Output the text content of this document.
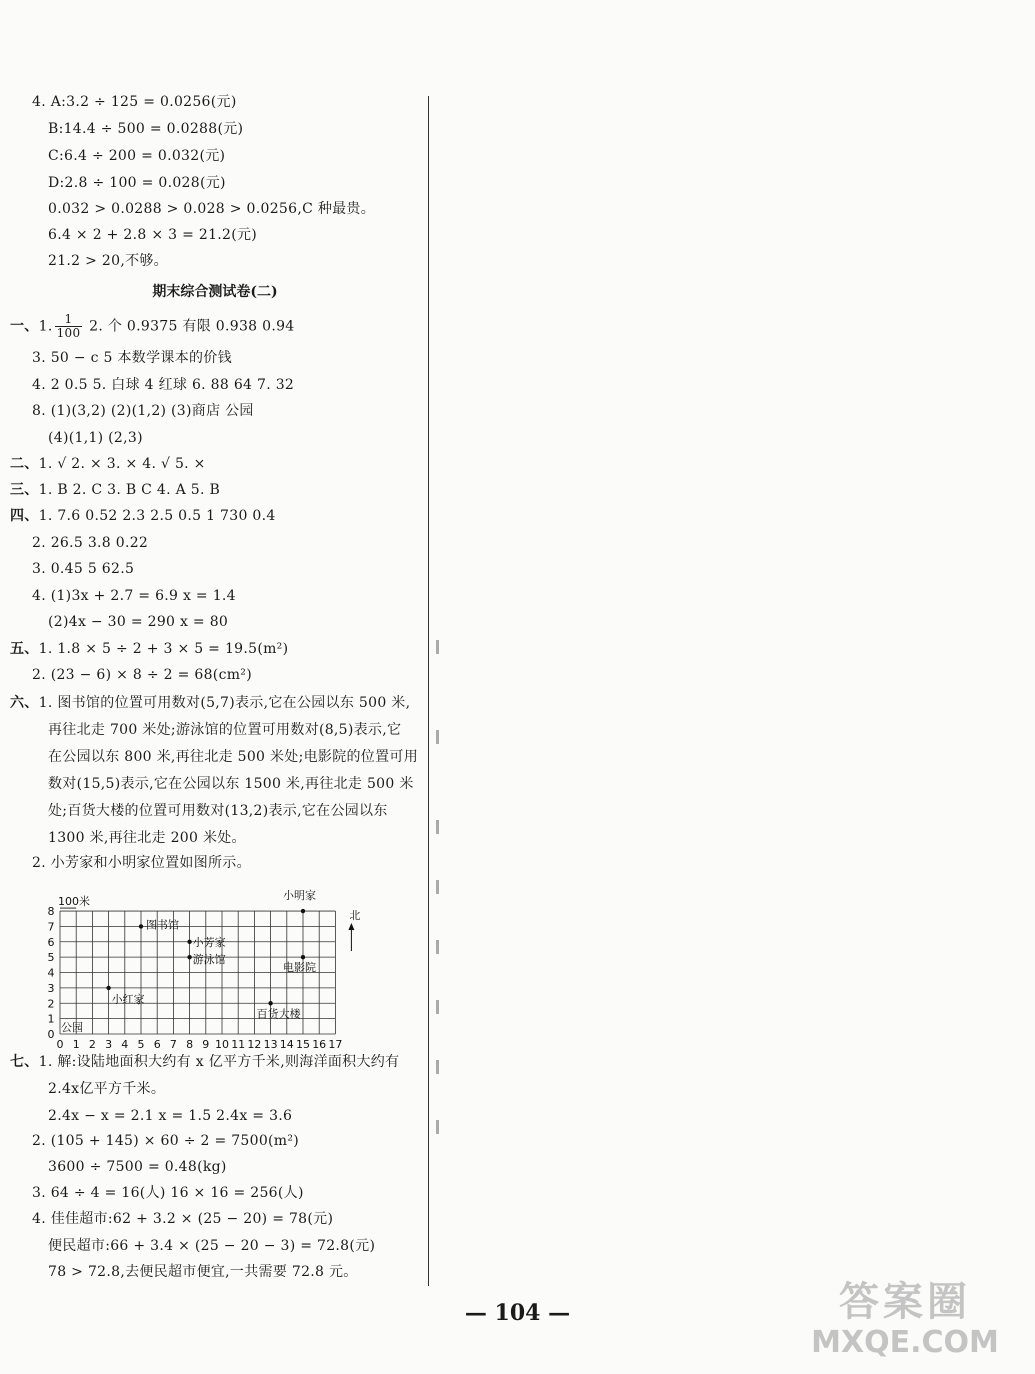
4. A:3.2 ÷ 125 = 0.0256(元)
B:14.4 ÷ 500 = 0.0288(元)
C:6.4 ÷ 200 = 0.032(元)
D:2.8 ÷ 100 = 0.028(元)
0.032 > 0.0288 > 0.028 > 0.0256,C 种最贵。
6.4 × 2 + 2.8 × 3 = 21.2(元)
21.2 > 20,不够。
期末综合测试卷(二)
一、1. $\frac{1}{100} 2$. 个 0.9375 有限 0.938 0.94
3. 50 − c 5 本数学课本的价钱
4. 2 0.5 5. 白球 4 红球 6. 88 64 7. 32
8. (1)(3,2) (2)(1,2) (3)商店 公园
(4)(1,1) (2,3)
二、1. √ 2. × 3. × 4. √ 5. ×
三、1. B 2. C 3. B C 4. A 5. B
四、1. 7.6 0.52 2.3 2.5 0.5 1 730 0.4
2. 26.5 3.8 0.22
3. 0.45 5 62.5
4. (1)3x + 2.7 = 6.9 x = 1.4
(2)4x − 30 = 290 x = 80
五、1. 1.8 × 5 ÷ 2 + 3 × 5 = 19.5(m²)
2. (23 − 6) × 8 ÷ 2 = 68(cm²)
六、1. 图书馆的位置可用数对(5,7)表示,它在公园以东 500 米,
再往北走 700 米处;游泳馆的位置可用数对(8,5)表示,它
在公园以东 800 米,再往北走 500 米处;电影院的位置可用
数对(15,5)表示,它在公园以东 1500 米,再往北走 500 米
处;百货大楼的位置可用数对(13,2)表示,它在公园以东
1300 米,再往北走 200 米处。
2. 小芳家和小明家位置如图所示。
七、1. 解:设陆地面积大约有 x 亿平方千米,则海洋面积大约有
2.4x亿平方千米。
2.4x − x = 2.1 x = 1.5 2.4x = 3.6
2. (105 + 145) × 60 ÷ 2 = 7500(m²)
3600 ÷ 7500 = 0.48(kg)
3. 64 ÷ 4 = 16(人) 16 × 16 = 256(人)
4. 佳佳超市:62 + 3.2 × (25 − 20) = 78(元)
便民超市:66 + 3.4 × (25 − 20 − 3) = 72.8(元)
78 > 72.8,去便民超市便宜,一共需要 72.8 元。
0 1 2 3 4 5 6 7 8 9 10 11 12 13 14 15 16 17
0
1
2
3
4
5
6
7
8
100米
北
公园
小红家
图书馆
小芳家
游泳馆
小明家
电影院
百货大楼
— 104 —	答案圈
MXQE.COM
